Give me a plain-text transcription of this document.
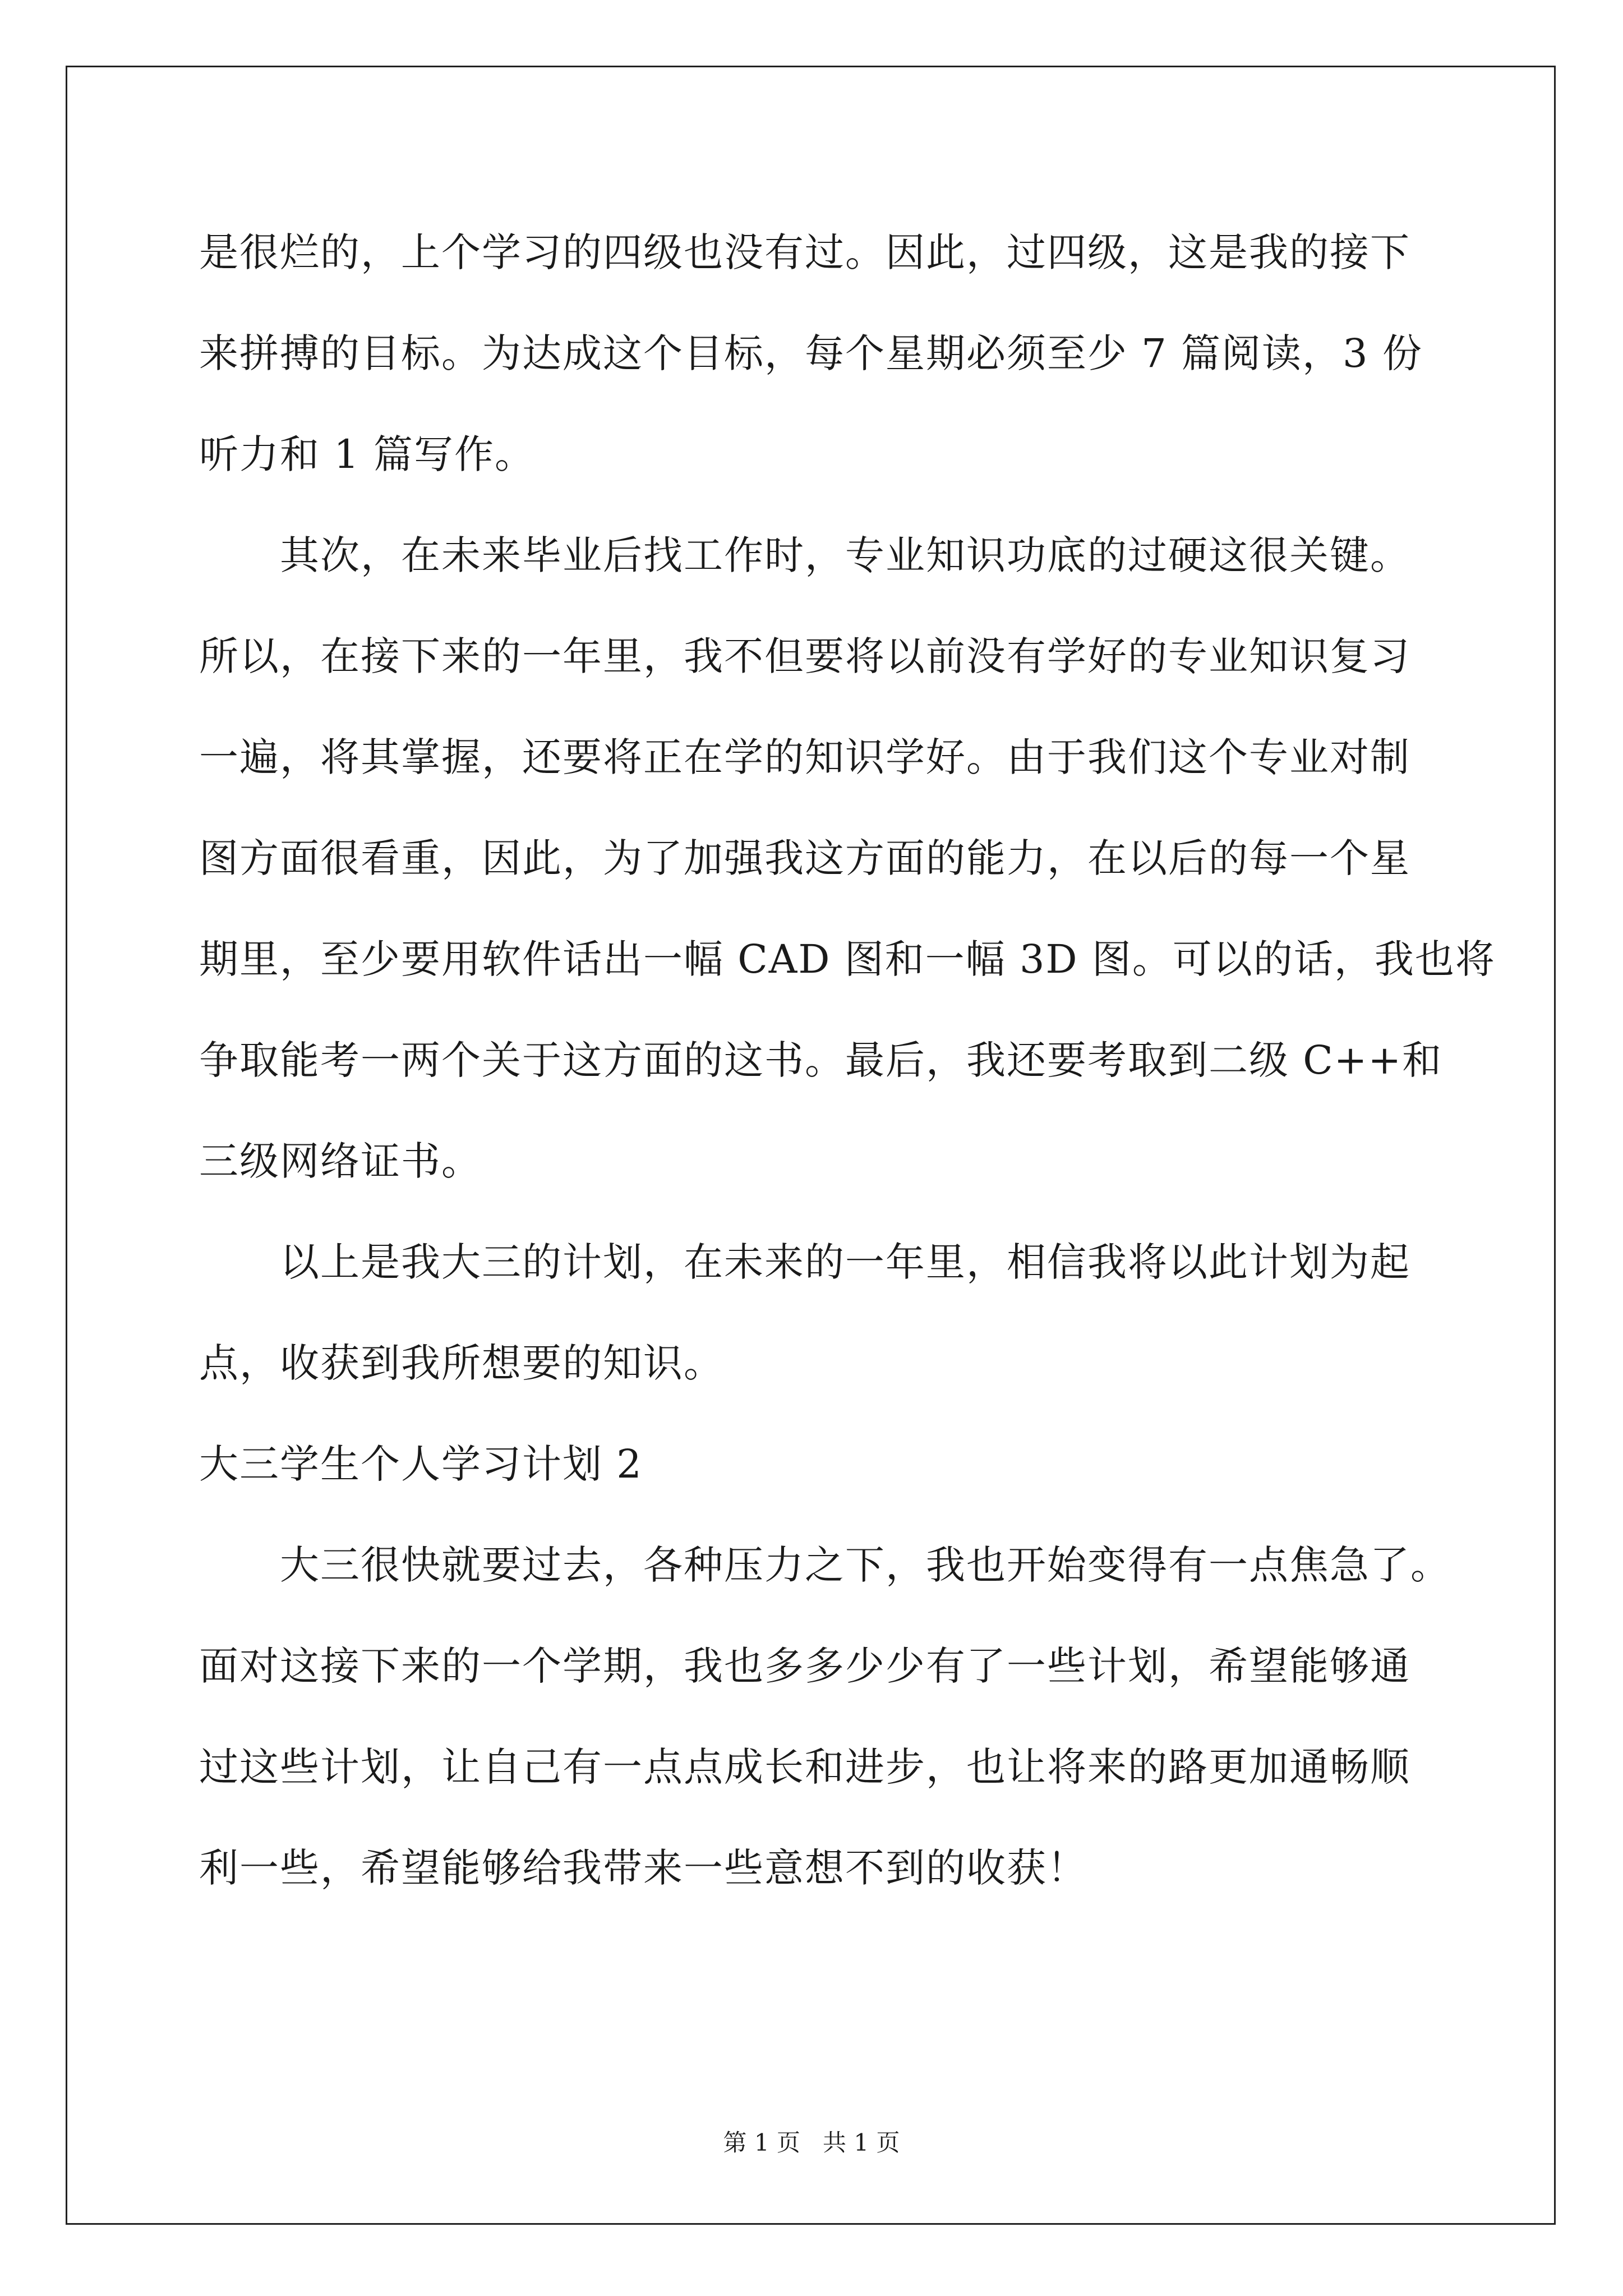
是很烂的，上个学习的四级也没有过。因此，过四级，这是我的接下
来拼搏的目标。为达成这个目标，每个星期必须至少 7 篇阅读，3 份
听力和 1 篇写作。
其次，在未来毕业后找工作时，专业知识功底的过硬这很关键。
所以，在接下来的一年里，我不但要将以前没有学好的专业知识复习
一遍，将其掌握，还要将正在学的知识学好。由于我们这个专业对制
图方面很看重，因此，为了加强我这方面的能力，在以后的每一个星
期里，至少要用软件话出一幅 CAD 图和一幅 3D 图。可以的话，我也将
争取能考一两个关于这方面的这书。最后，我还要考取到二级 C++和
三级网络证书。
以上是我大三的计划，在未来的一年里，相信我将以此计划为起
点，收获到我所想要的知识。
大三学生个人学习计划 2
大三很快就要过去，各种压力之下，我也开始变得有一点焦急了。
面对这接下来的一个学期，我也多多少少有了一些计划，希望能够通
过这些计划，让自己有一点点成长和进步，也让将来的路更加通畅顺
利一些，希望能够给我带来一些意想不到的收获！
第 1 页   共 1 页
